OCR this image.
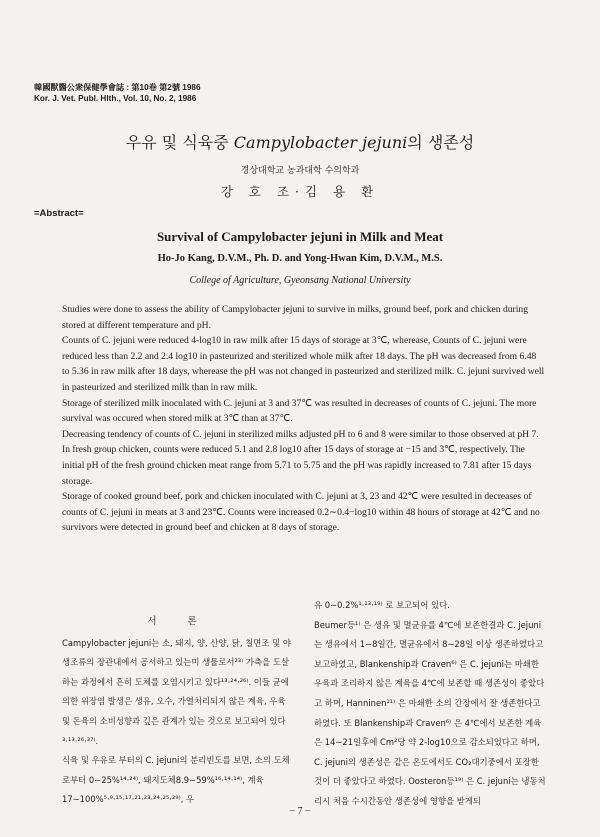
韓國獸醫公衆保健學會誌 : 第10卷 第2號 1986
Kor. J. Vet. Publ. Hlth., Vol. 10, No. 2, 1986
우유 및 식육중 Campylobacter jejuni의 생존성
경상대학교 농과대학 수의학과
강 호 조·김 용 환
=Abstract=
Survival of Campylobacter jejuni in Milk and Meat
Ho-Jo Kang, D.V.M., Ph. D. and Yong-Hwan Kim, D.V.M., M.S.
College of Agriculture, Gyeonsang National University

Studies were done to assess the ability of Campylobacter jejuni to survive in milks, ground beef, pork and chicken during stored at different temperature and pH.

Counts of C. jejuni were reduced 4-log10 in raw milk after 15 days of storage at 3℃, wherease, Counts of C. jejuni were reduced less than 2.2 and 2.4 log10 in pasteurized and sterilized whole milk after 18 days. The pH was decreased from 6.48 to 5.36 in raw milk after 18 days, wherease the pH was not changed in pasteurized and sterilized milk. C. jejuni survived well in pasteurized and sterilized milk than in raw milk.

Storage of sterilized milk inoculated with C. jejuni at 3 and 37℃ was resulted in decreases of counts of C. jejuni. The more survival was occured when stored milk at 3℃ than at 37℃.

Decreasing tendency of counts of C. jejuni in sterilized milks adjusted pH to 6 and 8 were similar to those observed at pH 7.

In fresh group chicken, counts were reduced 5.1 and 2.8 log10 after 15 days of storage at −15 and 3℃, respectively. The initial pH of the fresh ground chicken meat range from 5.71 to 5.75 and the pH was rapidly increased to 7.81 after 15 days storage.

Storage of cooked ground beef, pork and chicken inoculated with C. jejuni at 3, 23 and 42℃ were resulted in decreases of counts of C. jejuni in meats at 3 and 23℃. Counts were increased 0.2∼0.4−log10 within 48 hours of storage at 42℃ and no survivors were detected in ground beef and chicken at 8 days of storage.

서 론

Campylobacter jejuni는 소, 돼지, 양, 산양, 닭, 칠면조 및 야생조류의 장관내에서 공서하고 있는미 생물로서²³⁾ 가축을 도살하는 과정에서 흔히 도체를 오염시키고 있다¹³·²⁴·²⁶⁾. 이들 균에 의한 위장염 발생은 생유, 오수, 가열처리되지 않은 계육, 우육 및 돈육의 소비성향과 깊은 관계가 있는 것으로 보고되어 있다³·¹³·²⁶·³⁷⁾.

식육 및 우유로 부터의 C. jejuni의 분리빈도를 보면, 소의 도체로부터 0∼25%¹⁴·²⁴⁾, 돼지도체8.9∼59%¹⁶·¹⁴·¹⁴⁾, 계육 17∼100%⁵·⁹·¹⁵·¹⁷·²¹·²³·²⁴·²⁵·²⁹⁾, 우

유 0∼0.2%¹·¹³·¹⁹⁾ 로 보고되어 있다.

Beumer등¹⁾ 은 생유 및 멸균유를 4℃에 보존한결과 C. jejuni는 생유에서 1∼8일간, 멸균유에서 8∼28일 이상 생존하였다고 보고하였고, Blankenship과 Craven⁶⁾ 은 C. jejuni는 마쇄한 우육과 조리하지 않은 계육을 4℃에 보존할 때 생존성이 좋았다고 하며, Hanninen¹¹⁾ 은 마쇄한 소의 간장에서 잘 생존한다고 하였다. 또 Blankenship과 Craven⁶⁾ 은 4℃에서 보존한 계육은 14∼21일후에 Cm²당 약 2-log10으로 감소되었다고 하며, C. jejuni의 생존성은 같은 온도에서도 CO₂대기중에서 포장한 것이 더 좋았다고 하였다. Oosteron등¹⁹⁾ 은 C. jejuni는 냉동처리시 처음 수시간동안 생존성에 영향을 받게되

− 7 −
